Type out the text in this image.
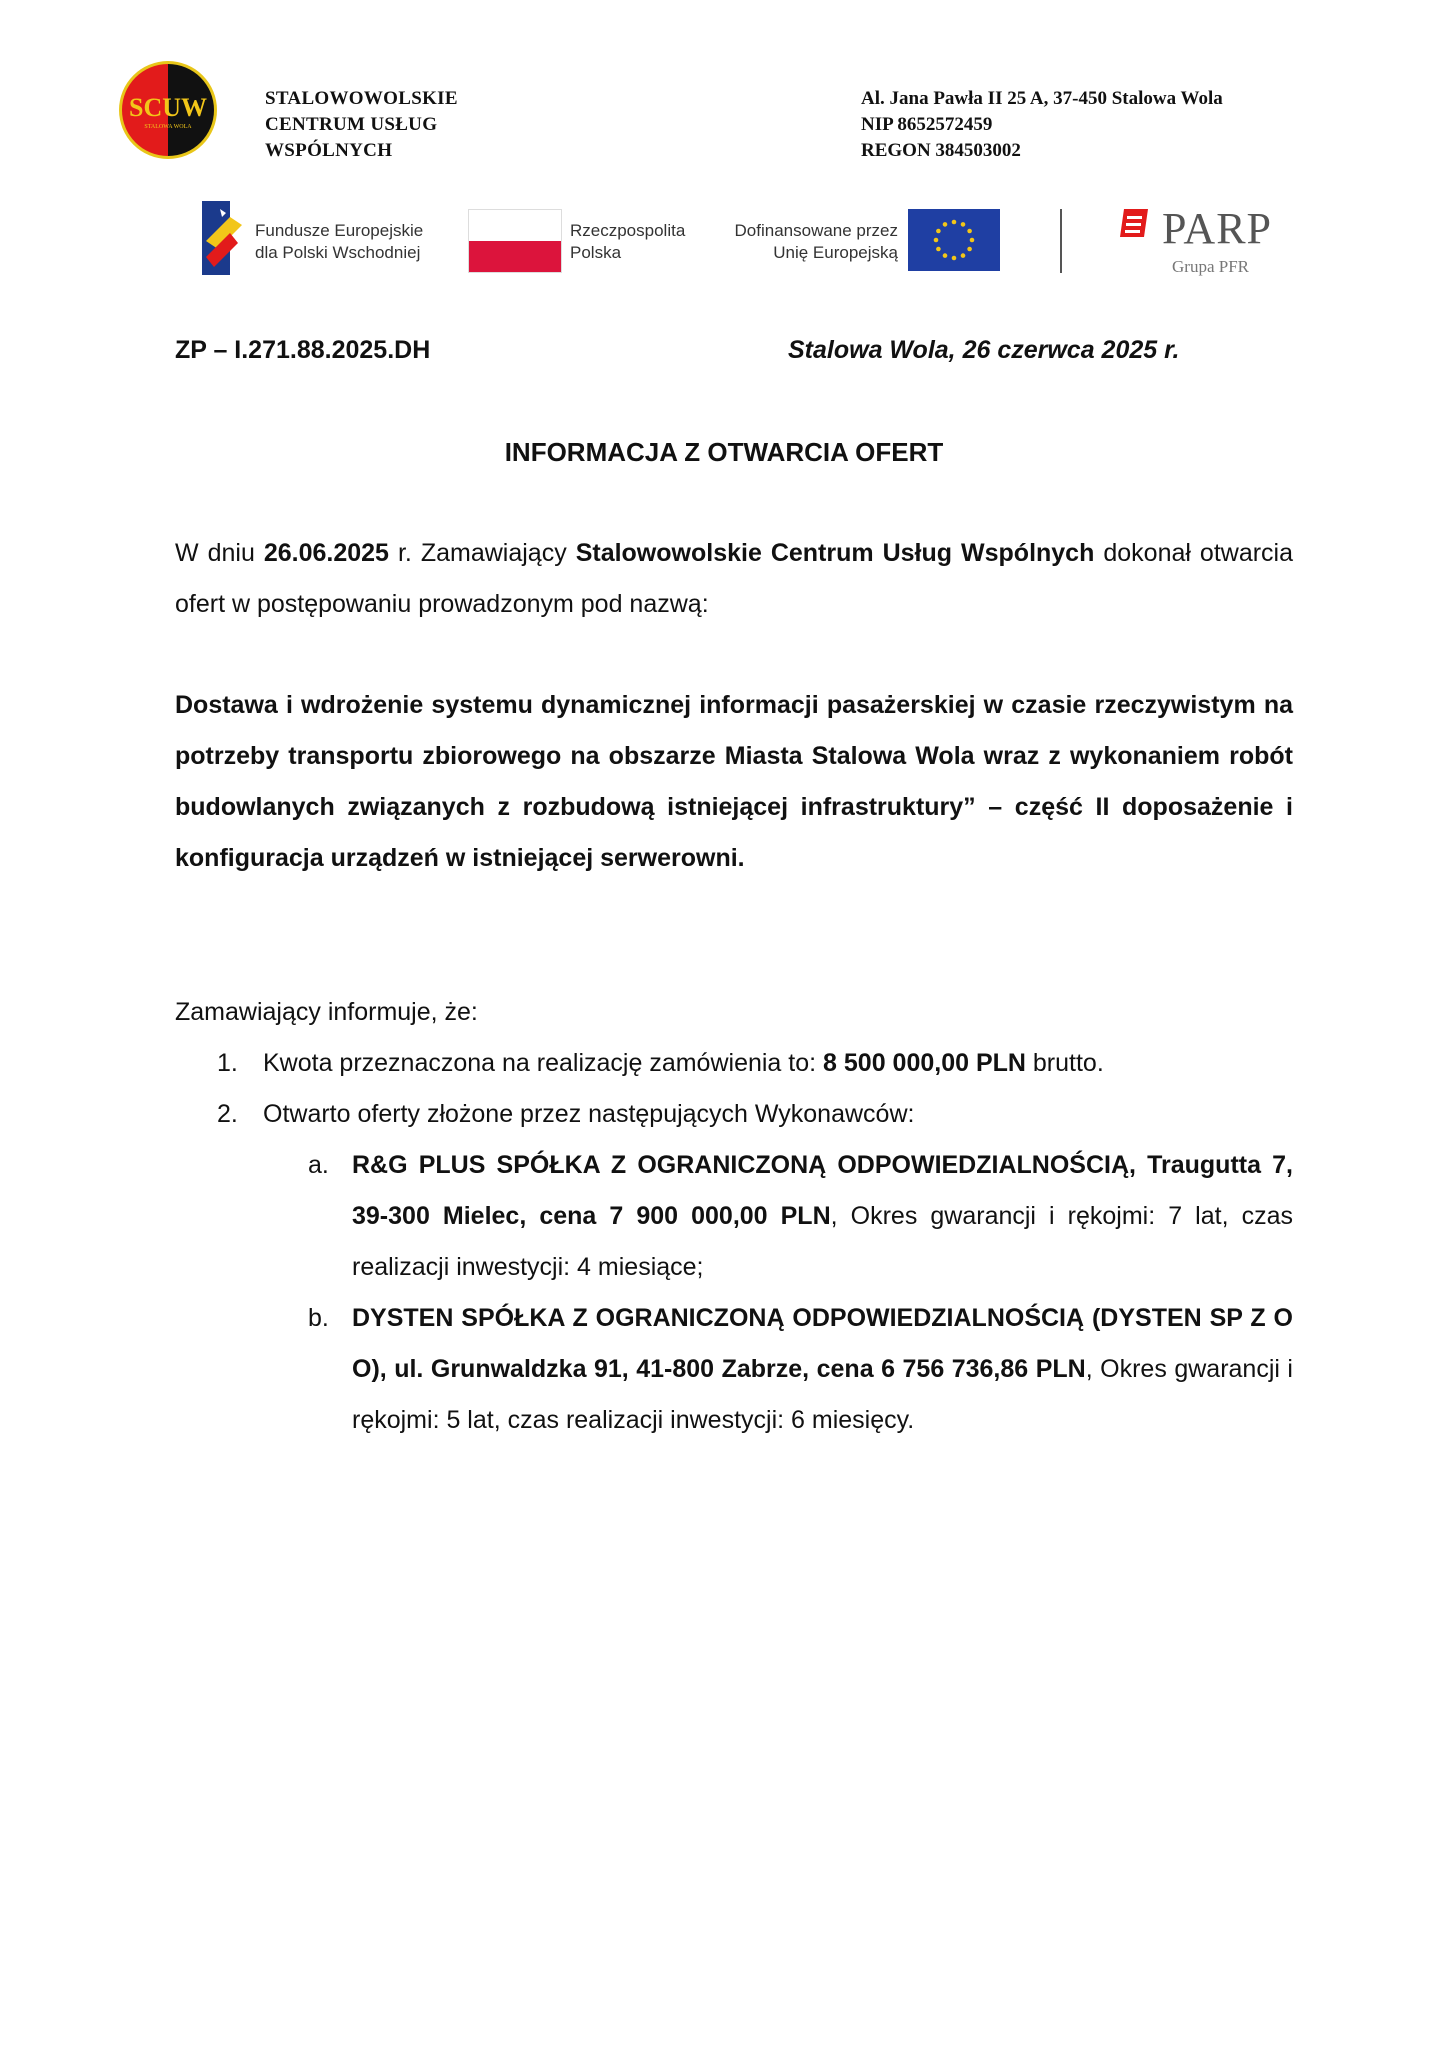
SCUW
STALOWA WOLA
STALOWOWOLSKIE
CENTRUM USŁUG
WSPÓLNYCH
Al. Jana Pawła II 25 A, 37-450 Stalowa Wola
NIP 8652572459
REGON 384503002
Fundusze Europejskie
dla Polski Wschodniej
Rzeczpospolita
Polska
Dofinansowane przez
Unię Europejską	PARP
Grupa PFR
ZP – I.271.88.2025.DH	Stalowa Wola, 26 czerwca 2025 r.
INFORMACJA Z OTWARCIA OFERT
W dniu 26.06.2025 r. Zamawiający Stalowowolskie Centrum Usług Wspólnych dokonał otwarcia ofert w postępowaniu prowadzonym pod nazwą:
Dostawa i wdrożenie systemu dynamicznej informacji pasażerskiej w czasie rzeczywistym na potrzeby transportu zbiorowego na obszarze Miasta Stalowa Wola wraz z wykonaniem robót budowlanych związanych z rozbudową istniejącej infrastruktury” – część II doposażenie i konfiguracja urządzeń w istniejącej serwerowni.
Zamawiający informuje, że:
1. Kwota przeznaczona na realizację zamówienia to: 8 500 000,00 PLN brutto.
2. Otwarto oferty złożone przez następujących Wykonawców:
a. R&G PLUS SPÓŁKA Z OGRANICZONĄ ODPOWIEDZIALNOŚCIĄ, Traugutta 7, 39-300 Mielec, cena 7 900 000,00 PLN, Okres gwarancji i rękojmi: 7 lat, czas realizacji inwestycji: 4 miesiące;
b. DYSTEN SPÓŁKA Z OGRANICZONĄ ODPOWIEDZIALNOŚCIĄ (DYSTEN SP Z O O), ul. Grunwaldzka 91, 41-800 Zabrze, cena 6 756 736,86 PLN, Okres gwarancji i rękojmi: 5 lat, czas realizacji inwestycji: 6 miesięcy.
